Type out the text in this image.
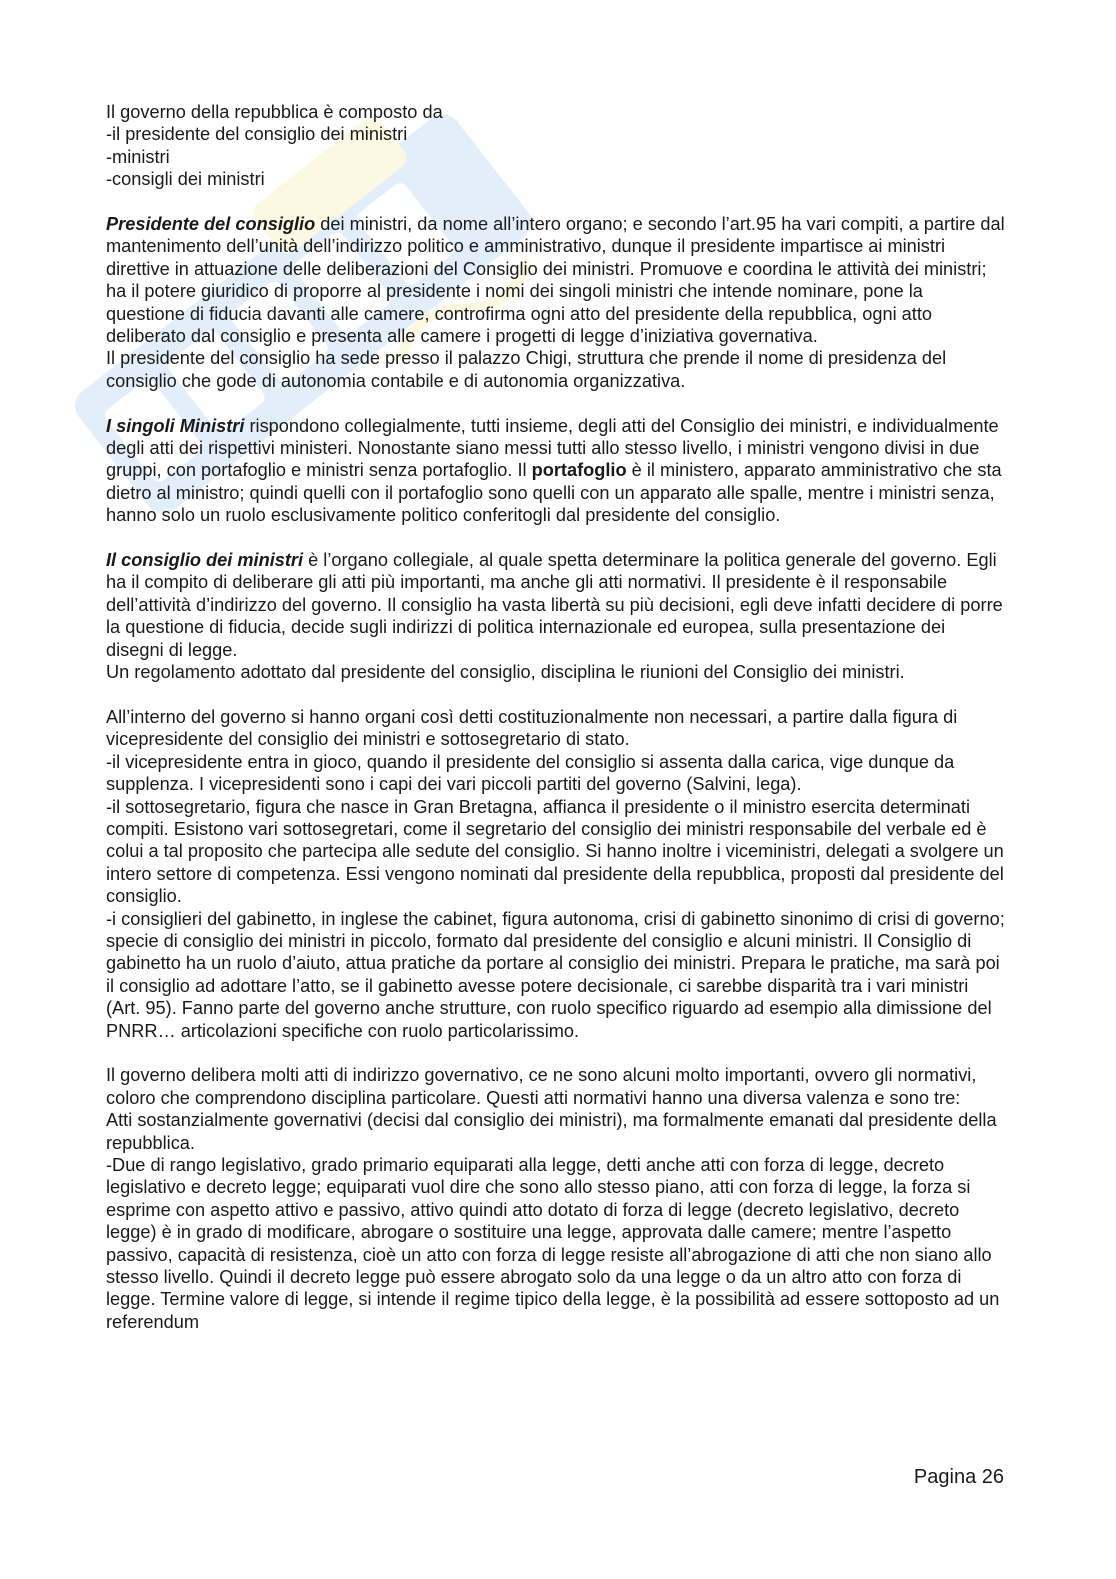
Il governo della repubblica è composto da
-il presidente del consiglio dei ministri
-ministri
-consigli dei ministri

Presidente del consiglio dei ministri, da nome all’intero organo; e secondo l’art.95 ha vari compiti, a partire dal mantenimento dell’unità dell’indirizzo politico e amministrativo, dunque il presidente impartisce ai ministri direttive in attuazione delle deliberazioni del Consiglio dei ministri. Promuove e coordina le attività dei ministri; ha il potere giuridico di proporre al presidente i nomi dei singoli ministri che intende nominare, pone la questione di fiducia davanti alle camere, controfirma ogni atto del presidente della repubblica, ogni atto deliberato dal consiglio e presenta alle camere i progetti di legge d’iniziativa governativa.

Il presidente del consiglio ha sede presso il palazzo Chigi, struttura che prende il nome di presidenza del consiglio che gode di autonomia contabile e di autonomia organizzativa.

I singoli Ministri rispondono collegialmente, tutti insieme, degli atti del Consiglio dei ministri, e individualmente degli atti dei rispettivi ministeri. Nonostante siano messi tutti allo stesso livello, i ministri vengono divisi in due gruppi, con portafoglio e ministri senza portafoglio. Il portafoglio è il ministero, apparato amministrativo che sta dietro al ministro; quindi quelli con il portafoglio sono quelli con un apparato alle spalle, mentre i ministri senza, hanno solo un ruolo esclusivamente politico conferitogli dal presidente del consiglio.

Il consiglio dei ministri è l’organo collegiale, al quale spetta determinare la politica generale del governo. Egli ha il compito di deliberare gli atti più importanti, ma anche gli atti normativi. Il presidente è il responsabile dell’attività d’indirizzo del governo. Il consiglio ha vasta libertà su più decisioni, egli deve infatti decidere di porre la questione di fiducia, decide sugli indirizzi di politica internazionale ed europea, sulla presentazione dei disegni di legge.

Un regolamento adottato dal presidente del consiglio, disciplina le riunioni del Consiglio dei ministri.

All’interno del governo si hanno organi così detti costituzionalmente non necessari, a partire dalla figura di vicepresidente del consiglio dei ministri e sottosegretario di stato.
-il vicepresidente entra in gioco, quando il presidente del consiglio si assenta dalla carica, vige dunque da supplenza. I vicepresidenti sono i capi dei vari piccoli partiti del governo (Salvini, lega).
-il sottosegretario, figura che nasce in Gran Bretagna, affianca il presidente o il ministro esercita determinati compiti. Esistono vari sottosegretari, come il segretario del consiglio dei ministri responsabile del verbale ed è colui a tal proposito che partecipa alle sedute del consiglio. Si hanno inoltre i viceministri, delegati a svolgere un intero settore di competenza. Essi vengono nominati dal presidente della repubblica, proposti dal presidente del consiglio.
-i consiglieri del gabinetto, in inglese the cabinet, figura autonoma, crisi di gabinetto sinonimo di crisi di governo; specie di consiglio dei ministri in piccolo, formato dal presidente del consiglio e alcuni ministri. Il Consiglio di gabinetto ha un ruolo d’aiuto, attua pratiche da portare al consiglio dei ministri. Prepara le pratiche, ma sarà poi il consiglio ad adottare l’atto, se il gabinetto avesse potere decisionale, ci sarebbe disparità tra i vari ministri (Art. 95). Fanno parte del governo anche strutture, con ruolo specifico riguardo ad esempio alla dimissione del PNRR… articolazioni specifiche con ruolo particolarissimo.

Il governo delibera molti atti di indirizzo governativo, ce ne sono alcuni molto importanti, ovvero gli normativi, coloro che comprendono disciplina particolare. Questi atti normativi hanno una diversa valenza e sono tre:
Atti sostanzialmente governativi (decisi dal consiglio dei ministri), ma formalmente emanati dal presidente della repubblica.
-Due di rango legislativo, grado primario equiparati alla legge, detti anche atti con forza di legge, decreto legislativo e decreto legge; equiparati vuol dire che sono allo stesso piano, atti con forza di legge, la forza si esprime con aspetto attivo e passivo, attivo quindi atto dotato di forza di legge (decreto legislativo, decreto legge) è in grado di modificare, abrogare o sostituire una legge, approvata dalle camere; mentre l’aspetto passivo, capacità di resistenza, cioè un atto con forza di legge resiste all’abrogazione di atti che non siano allo stesso livello. Quindi il decreto legge può essere abrogato solo da una legge o da un altro atto con forza di legge. Termine valore di legge, si intende il regime tipico della legge, è la possibilità ad essere sottoposto ad un referendum

Pagina 26
